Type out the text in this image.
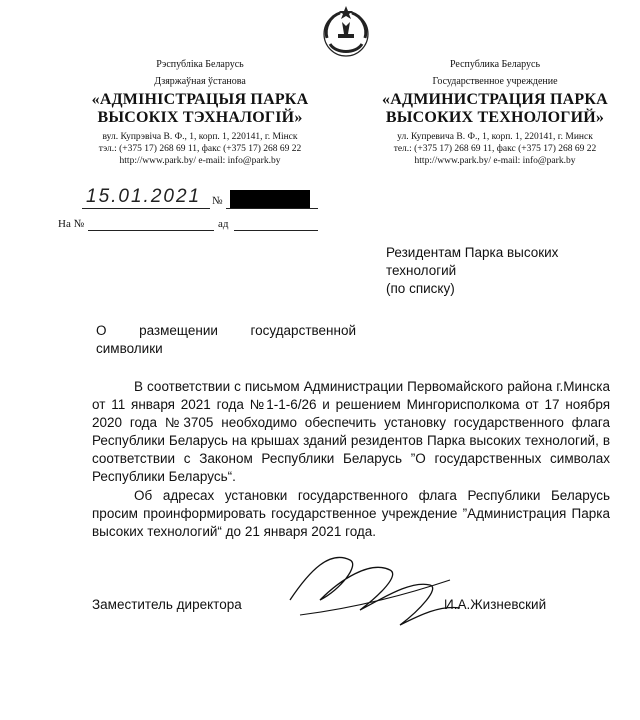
Рэспубліка Беларусь
Дзяржаўная ўстанова
«АДМІНІСТРАЦЫЯ ПАРКА
ВЫСОКІХ ТЭХНАЛОГІЙ»
вул. Купрэвіча В. Ф., 1, корп. 1, 220141, г. Мінск
тэл.: (+375 17) 268 69 11, факс (+375 17) 268 69 22
http://www.park.by/ e-mail: info@park.by
Республика Беларусь
Государственное учреждение
«АДМИНИСТРАЦИЯ ПАРКА
ВЫСОКИХ ТЕХНОЛОГИЙ»
ул. Купревича В. Ф., 1, корп. 1, 220141, г. Минск
тел.: (+375 17) 268 69 11, факс (+375 17) 268 69 22
http://www.park.by/ e-mail: info@park.by
15.01.2021 №
На №	ад
Резидентам Парка высоких
технологий
(по списку)
О размещении государственной символики

В соответствии с письмом Администрации Первомайского района г.Минска от 11 января 2021 года №1-1-6/26 и решением Мингорисполкома от 17 ноября 2020 года №3705 необходимо обеспечить установку государственного флага Республики Беларусь на крышах зданий резидентов Парка высоких технологий, в соответствии с Законом Республики Беларусь ”О государственных символах Республики Беларусь“.

Об адресах установки государственного флага Республики Беларусь просим проинформировать государственное учреждение ”Администрация Парка высоких технологий“ до 21 января 2021 года.

Заместитель директора	И.А.Жизневский
